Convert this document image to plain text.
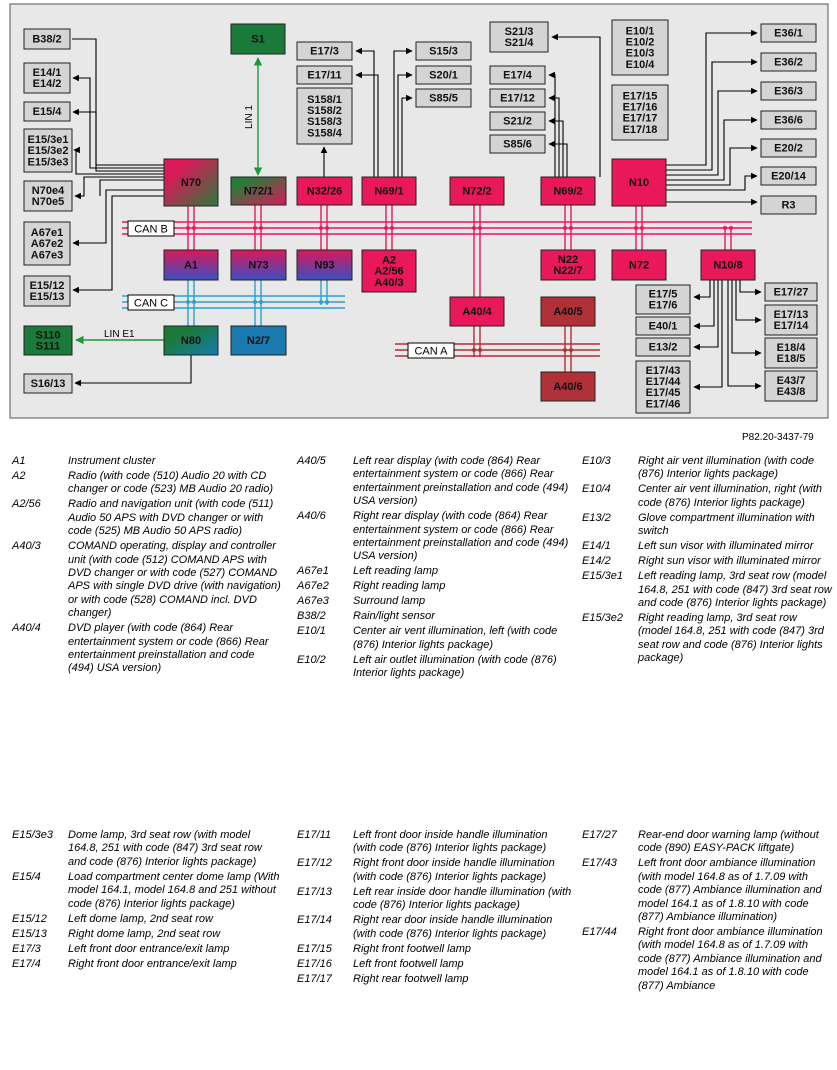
B38/2
E14/1
E14/2
E15/4
E15/3e1
E15/3e2
E15/3e3
N70e4
N70e5
A67e1
A67e2
A67e3
E15/12
E15/13
S110
S111
S16/13
S1
E17/3
E17/11
S158/1
S158/2
S158/3
S158/4
S15/3
S20/1
S85/5
S21/3
S21/4
E17/4
E17/12
S21/2
S85/6
E10/1
E10/2
E10/3
E10/4
E17/15
E17/16
E17/17
E17/18
E36/1
E36/2
E36/3
E36/6
E20/2
E20/14
R3
N70
N72/1	N32/26	N69/1	N72/2	N69/2
N10
A1	N73	N93	A2
A2/56
A40/3
N22
N22/7	N72	N10/8
N80	N2/7
A40/4	A40/5
A40/6
E17/5
E17/6
E40/1
E13/2
E17/43
E17/44
E17/45
E17/46
E17/27
E17/13
E17/14
E18/4
E18/5
E43/7
E43/8
CAN B
CAN C
CAN A
LIN 1
LIN E1
P82.20-3437-79
A1	Instrument cluster
A2	Radio (with code (510) Audio 20 with CD changer or code (523) MB Audio 20 radio)
A2/56	Radio and navigation unit (with code (511) Audio 50 APS with DVD changer or with code (525) MB Audio 50 APS radio)
A40/3	COMAND operating, display and controller unit (with code (512) COMAND APS with DVD changer or with code (527) COMAND APS with single DVD drive (with navigation) or with code (528) COMAND incl. DVD changer)
A40/4	DVD player (with code (864) Rear entertainment system or code (866) Rear entertainment preinstallation and code (494) USA version)
A40/5	Left rear display (with code (864) Rear entertainment system or code (866) Rear entertainment preinstallation and code (494) USA version)
A40/6	Right rear display (with code (864) Rear entertainment system or code (866) Rear entertainment preinstallation and code (494) USA version)
A67e1	Left reading lamp
A67e2	Right reading lamp
A67e3	Surround lamp
B38/2	Rain/light sensor
E10/1	Center air vent illumination, left (with code (876) Interior lights package)
E10/2	Left air outlet illumination (with code (876) Interior lights package)
E10/3	Right air vent illumination (with code (876) Interior lights package)
E10/4	Center air vent illumination, right (with code (876) Interior lights package)
E13/2	Glove compartment illumination with switch
E14/1	Left sun visor with illuminated mirror
E14/2	Right sun visor with illuminated mirror
E15/3e1	Left reading lamp, 3rd seat row (model 164.8, 251 with code (847) 3rd seat row and code (876) Interior lights package)
E15/3e2	Right reading lamp, 3rd seat row (model 164.8, 251 with code (847) 3rd seat row and code (876) Interior lights package)
E15/3e3	Dome lamp, 3rd seat row (with model 164.8, 251 with code (847) 3rd seat row and code (876) Interior lights package)
E15/4	Load compartment center dome lamp (With model 164.1, model 164.8 and 251 without code (876) Interior lights package)
E15/12	Left dome lamp, 2nd seat row
E15/13	Right dome lamp, 2nd seat row
E17/3	Left front door entrance/exit lamp
E17/4	Right front door entrance/exit lamp
E17/11	Left front door inside handle illumination (with code (876) Interior lights package)
E17/12	Right front door inside handle illumination (with code (876) Interior lights package)
E17/13	Left rear inside door handle illumination (with code (876) Interior lights package)
E17/14	Right rear door inside handle illumination (with code (876) Interior lights package)
E17/15	Right front footwell lamp
E17/16	Left front footwell lamp
E17/17	Right rear footwell lamp
E17/27	Rear-end door warning lamp (without code (890) EASY-PACK liftgate)
E17/43	Left front door ambiance illumination (with model 164.8 as of 1.7.09 with code (877) Ambiance illumination and model 164.1 as of 1.8.10 with code (877) Ambiance illumination)
E17/44	Right front door ambiance illumination (with model 164.8 as of 1.7.09 with code (877) Ambiance illumination and model 164.1 as of 1.8.10 with code (877) Ambiance
